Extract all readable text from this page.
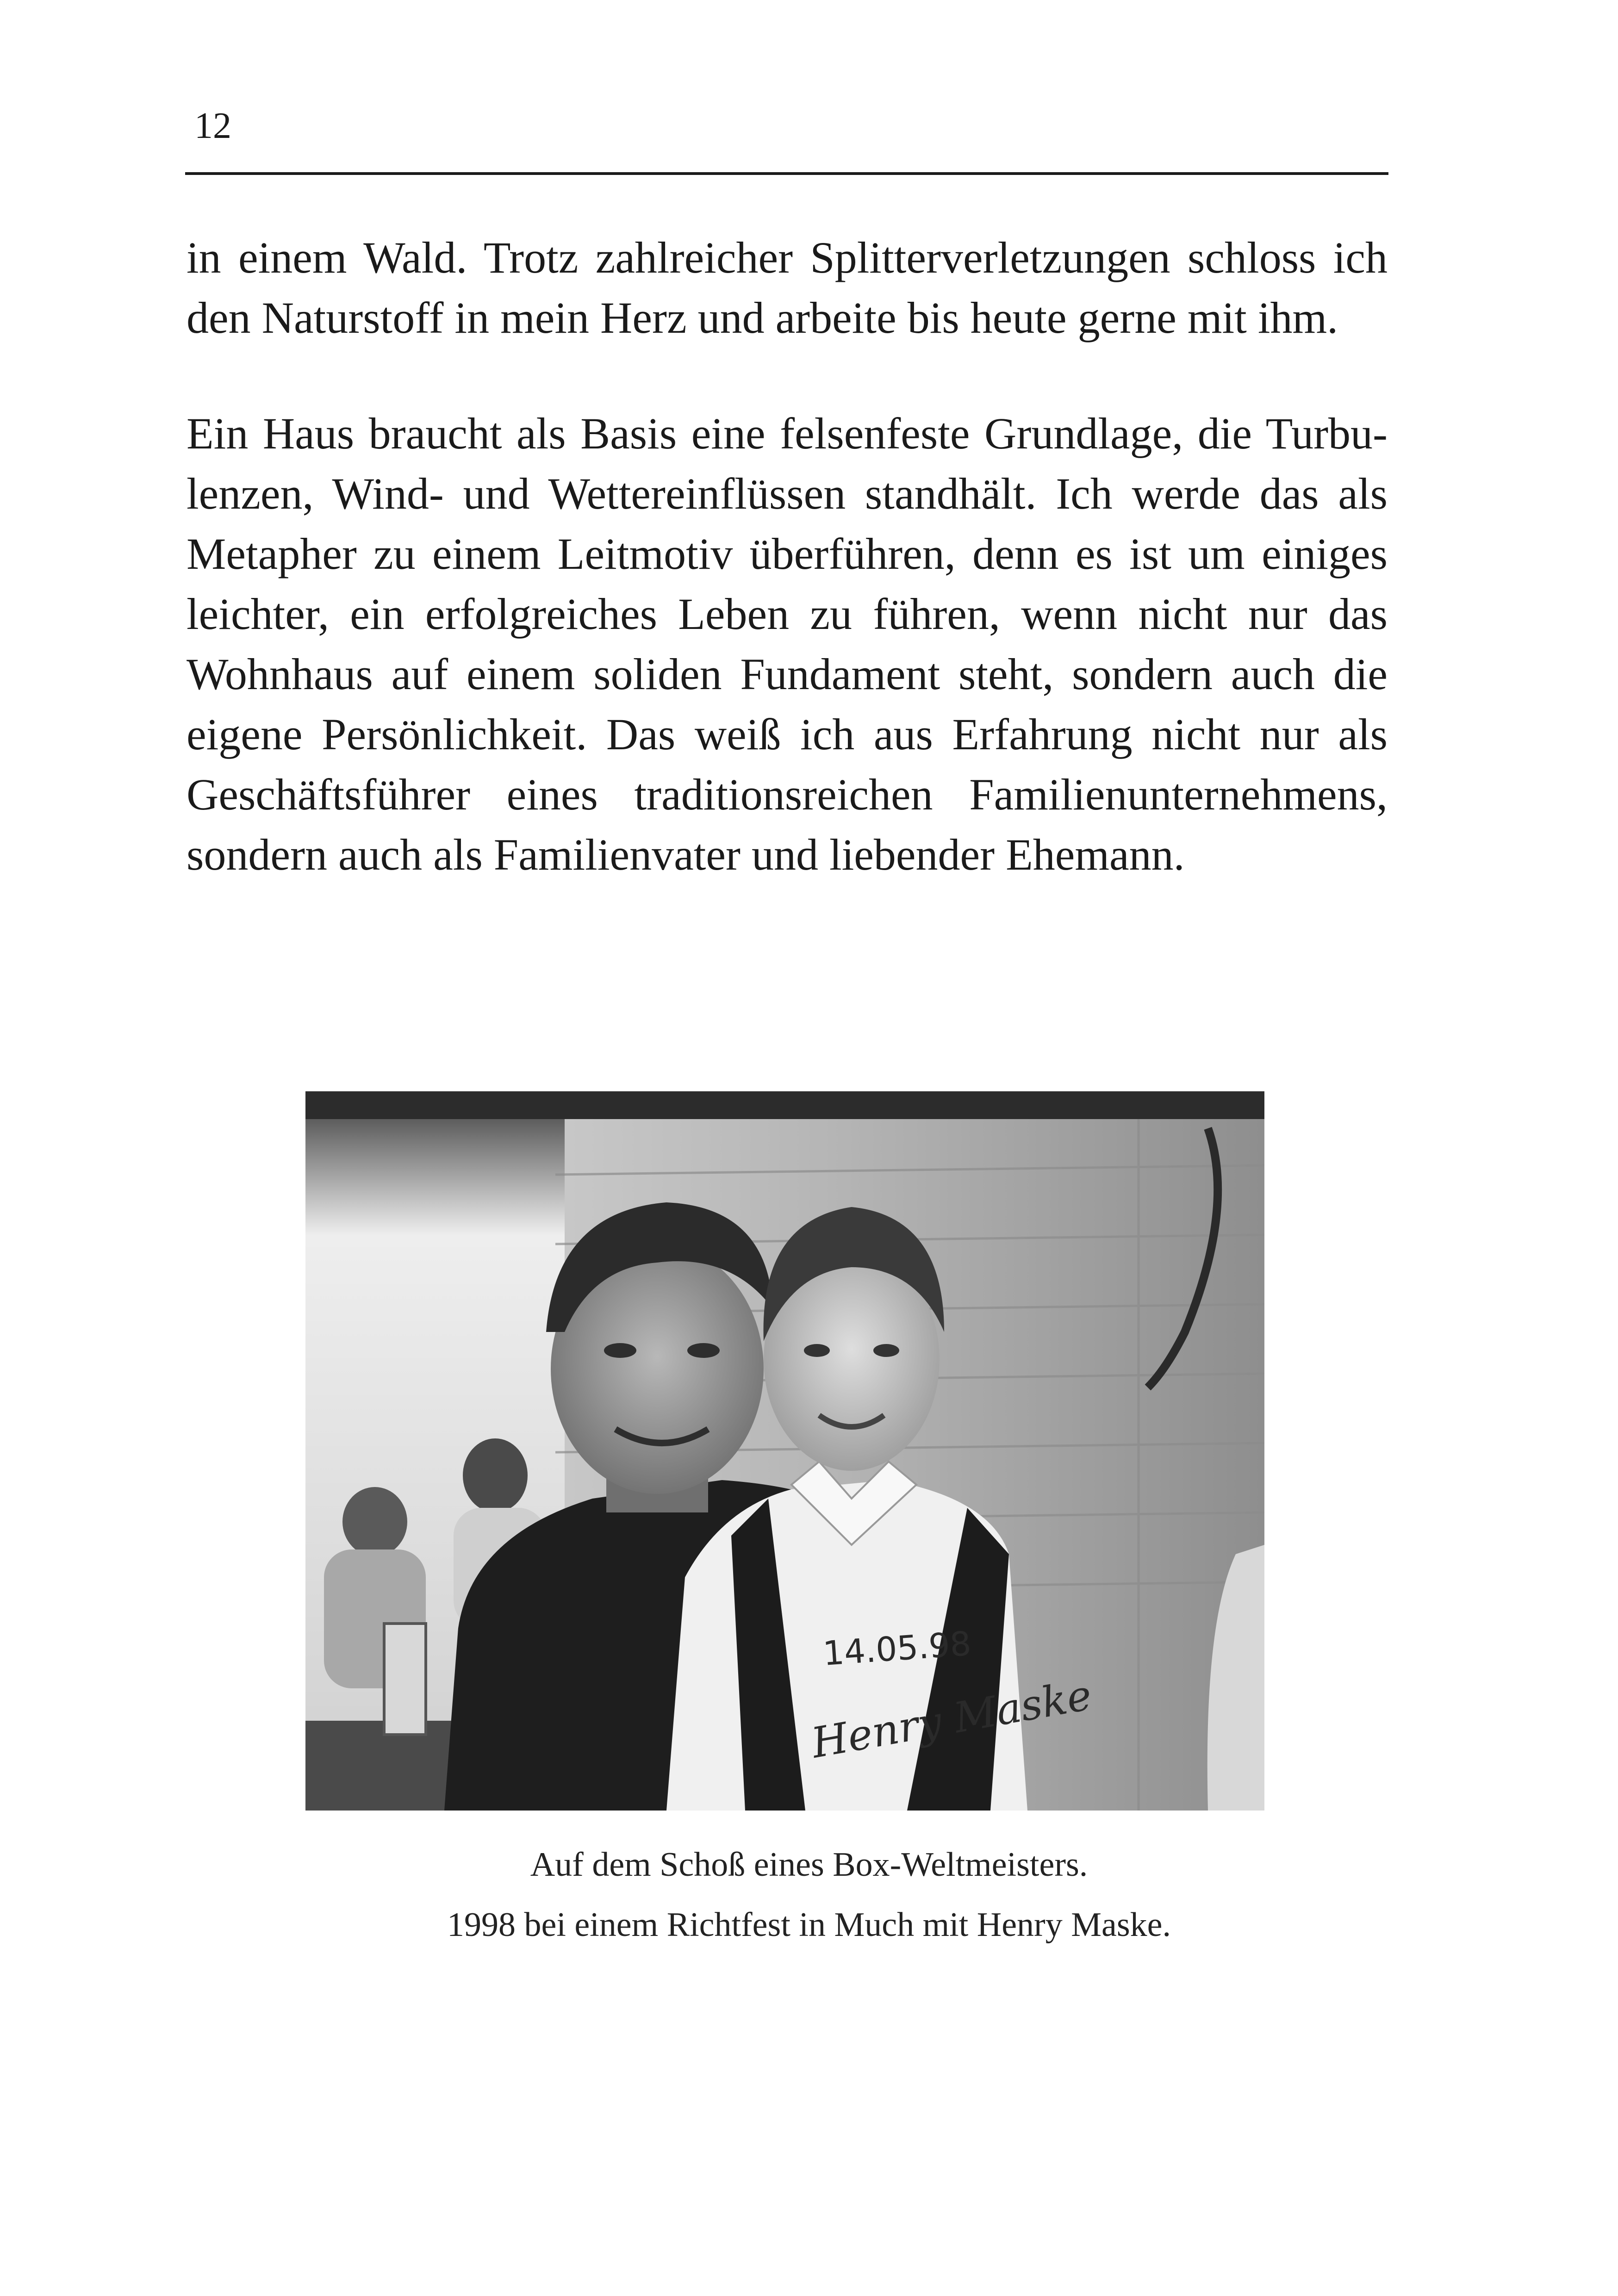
12

in einem Wald. Trotz zahlreicher Splitterverletzungen schloss ich
den Naturstoff in mein Herz und arbeite bis heute gerne mit ihm.

Ein Haus braucht als Basis eine felsenfeste Grundlage, die Turbu-
lenzen, Wind- und Wettereinflüssen standhält. Ich werde das als
Metapher zu einem Leitmotiv überführen, denn es ist um einiges
leichter, ein erfolgreiches Leben zu führen, wenn nicht nur das
Wohnhaus auf einem soliden Fundament steht, sondern auch die
eigene Persönlichkeit. Das weiß ich aus Erfahrung nicht nur als
Geschäftsführer eines traditionsreichen Familienunternehmens,
sondern auch als Familienvater und liebender Ehemann.

14.05.98
Henry Maske
Auf dem Schoß eines Box-Weltmeisters.
1998 bei einem Richtfest in Much mit Henry Maske.
